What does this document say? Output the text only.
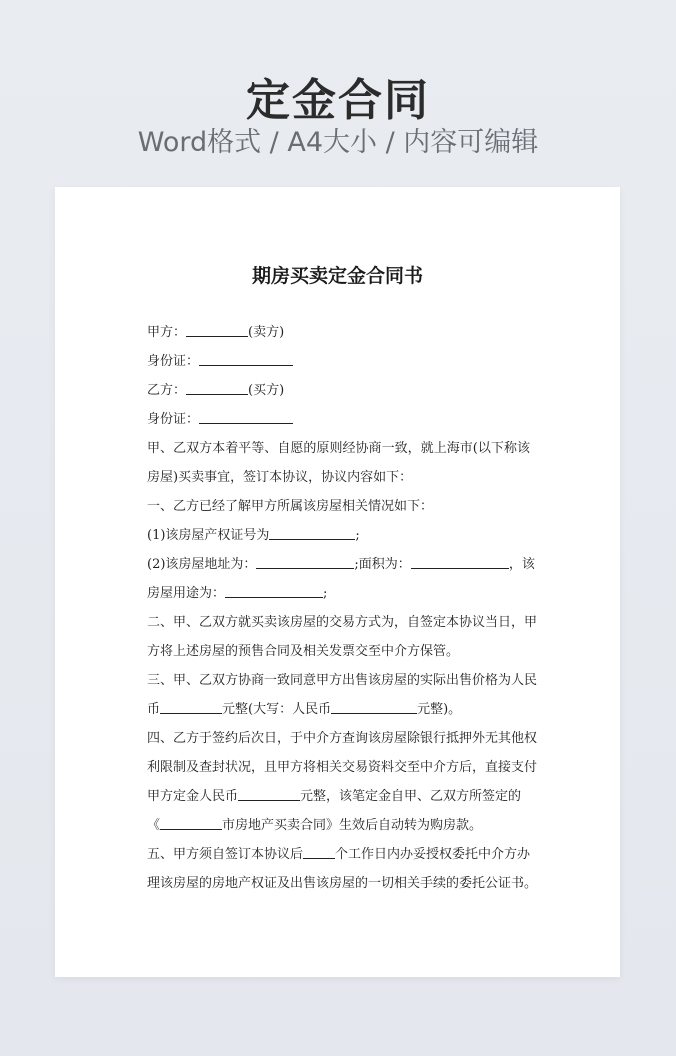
定金合同
Word格式 / A4大小 / 内容可编辑
期房买卖定金合同书
甲方：	(卖方)
身份证：
乙方：	(买方)
身份证：
甲、乙双方本着平等、自愿的原则经协商一致，就上海市(以下称该
房屋)买卖事宜，签订本协议，协议内容如下：
一、乙方已经了解甲方所属该房屋相关情况如下：
(1)该房屋产权证号为	;
(2)该房屋地址为：	;面积为：	，该
房屋用途为：	;
二、甲、乙双方就买卖该房屋的交易方式为，自签定本协议当日，甲
方将上述房屋的预售合同及相关发票交至中介方保管。
三、甲、乙双方协商一致同意甲方出售该房屋的实际出售价格为人民
币	元整(大写：人民币	元整)。
四、乙方于签约后次日，于中介方查询该房屋除银行抵押外无其他权
利限制及查封状况，且甲方将相关交易资料交至中介方后，直接支付
甲方定金人民币	元整，该笔定金自甲、乙双方所签定的
《	市房地产买卖合同》生效后自动转为购房款。
五、甲方须自签订本协议后 个工作日内办妥授权委托中介方办
理该房屋的房地产权证及出售该房屋的一切相关手续的委托公证书。
